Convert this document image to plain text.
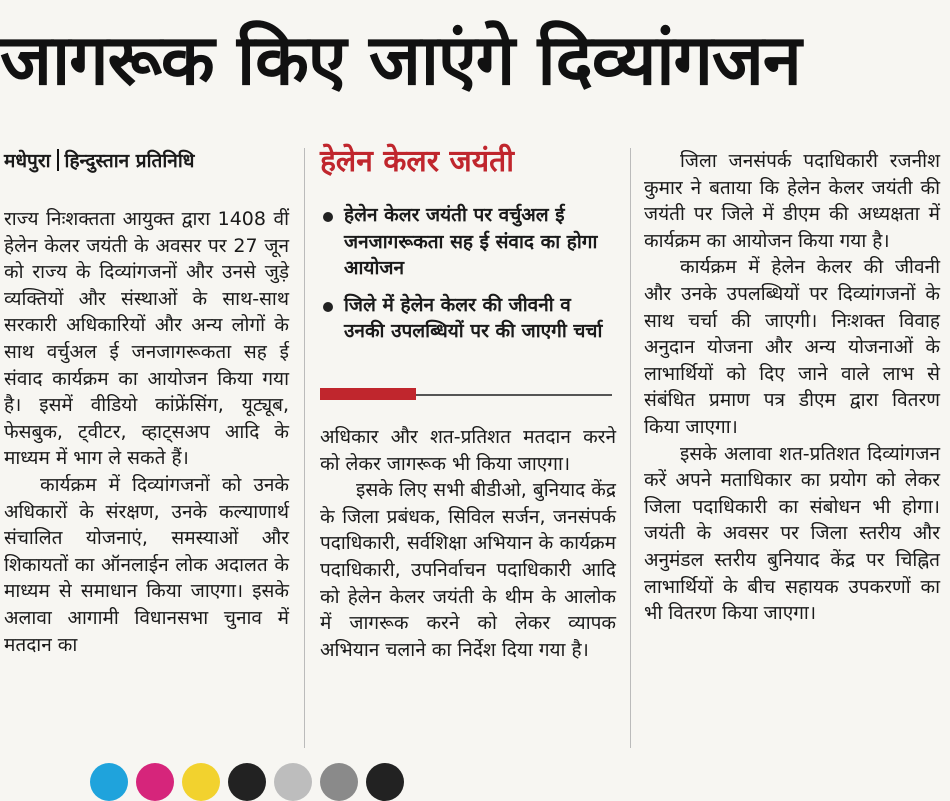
जागरूक किए जाएंगे दिव्यांगजन
मधेपुरा हिन्दुस्तान प्रतिनिधि

राज्य निःशक्तता आयुक्त द्वारा 1408 वीं हेलेन केलर जयंती के अवसर पर 27 जून को राज्य के दिव्यांगजनों और उनसे जुड़े व्यक्तियों और संस्थाओं के साथ-साथ सरकारी अधिकारियों और अन्य लोगों के साथ वर्चुअल ई जनजागरूकता सह ई संवाद कार्यक्रम का आयोजन किया गया है। इसमें वीडियो कांफ्रेंसिंग, यूट्यूब, फेसबुक, ट्वीटर, व्हाट्सअप आदि के माध्यम में भाग ले सकते हैं।

कार्यक्रम में दिव्यांगजनों को उनके अधिकारों के संरक्षण, उनके कल्याणार्थ संचालित योजनाएं, समस्याओं और शिकायतों का ऑनलाईन लोक अदालत के माध्यम से समाधान किया जाएगा। इसके अलावा आगामी विधानसभा चुनाव में मतदान का

हेलेन केलर जयंती
हेलेन केलर जयंती पर वर्चुअल ई जनजागरूकता सह ई संवाद का होगा आयोजन
जिले में हेलेन केलर की जीवनी व उनकी उपलब्धियों पर की जाएगी चर्चा

अधिकार और शत-प्रतिशत मतदान करने को लेकर जागरूक भी किया जाएगा।

इसके लिए सभी बीडीओ, बुनियाद केंद्र के जिला प्रबंधक, सिविल सर्जन, जनसंपर्क पदाधिकारी, सर्वशिक्षा अभियान के कार्यक्रम पदाधिकारी, उपनिर्वाचन पदाधिकारी आदि को हेलेन केलर जयंती के थीम के आलोक में जागरूक करने को लेकर व्यापक अभियान चलाने का निर्देश दिया गया है।

जिला जनसंपर्क पदाधिकारी रजनीश कुमार ने बताया कि हेलेन केलर जयंती की जयंती पर जिले में डीएम की अध्यक्षता में कार्यक्रम का आयोजन किया गया है।

कार्यक्रम में हेलेन केलर की जीवनी और उनके उपलब्धियों पर दिव्यांगजनों के साथ चर्चा की जाएगी। निःशक्त विवाह अनुदान योजना और अन्य योजनाओं के लाभार्थियों को दिए जाने वाले लाभ से संबंधित प्रमाण पत्र डीएम द्वारा वितरण किया जाएगा।

इसके अलावा शत-प्रतिशत दिव्यांगजन करें अपने मताधिकार का प्रयोग को लेकर जिला पदाधिकारी का संबोधन भी होगा। जयंती के अवसर पर जिला स्तरीय और अनुमंडल स्तरीय बुनियाद केंद्र पर चिह्नित लाभार्थियों के बीच सहायक उपकरणों का भी वितरण किया जाएगा।
